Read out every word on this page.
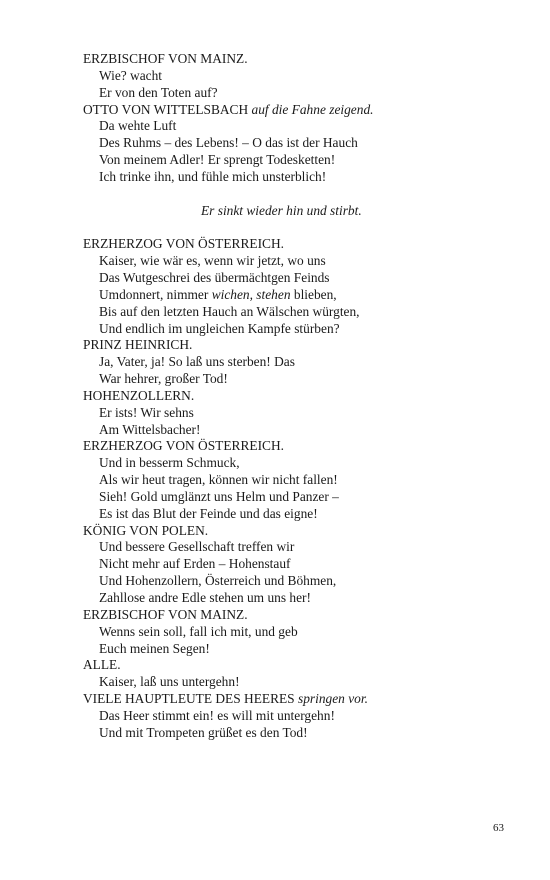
ERZBISCHOF VON MAINZ.
Wie? wacht
Er von den Toten auf?
OTTO VON WITTELSBACH auf die Fahne zeigend.
Da wehte Luft
Des Ruhms – des Lebens! – O das ist der Hauch
Von meinem Adler! Er sprengt Todesketten!
Ich trinke ihn, und fühle mich unsterblich!
Er sinkt wieder hin und stirbt.
ERZHERZOG VON ÖSTERREICH.
Kaiser, wie wär es, wenn wir jetzt, wo uns
Das Wutgeschrei des übermächtgen Feinds
Umdonnert, nimmer wichen, stehen blieben,
Bis auf den letzten Hauch an Wälschen würgten,
Und endlich im ungleichen Kampfe stürben?
PRINZ HEINRICH.
Ja, Vater, ja! So laß uns sterben! Das
War hehrer, großer Tod!
HOHENZOLLERN.
Er ists! Wir sehns
Am Wittelsbacher!
ERZHERZOG VON ÖSTERREICH.
Und in besserm Schmuck,
Als wir heut tragen, können wir nicht fallen!
Sieh! Gold umglänzt uns Helm und Panzer –
Es ist das Blut der Feinde und das eigne!
KÖNIG VON POLEN.
Und bessere Gesellschaft treffen wir
Nicht mehr auf Erden – Hohenstauf
Und Hohenzollern, Österreich und Böhmen,
Zahllose andre Edle stehen um uns her!
ERZBISCHOF VON MAINZ.
Wenns sein soll, fall ich mit, und geb
Euch meinen Segen!
ALLE.
Kaiser, laß uns untergehn!
VIELE HAUPTLEUTE DES HEERES springen vor.
Das Heer stimmt ein! es will mit untergehn!
Und mit Trompeten grüßet es den Tod!
63
